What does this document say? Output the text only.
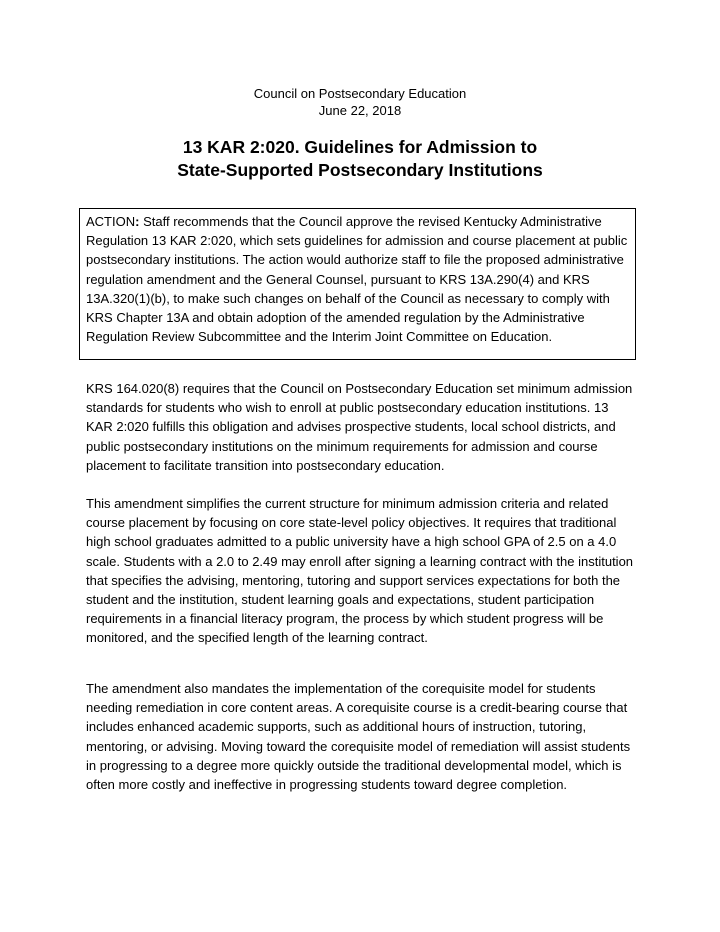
Council on Postsecondary Education
June 22, 2018
13 KAR 2:020. Guidelines for Admission to
State-Supported Postsecondary Institutions
ACTION: Staff recommends that the Council approve the revised Kentucky Administrative Regulation 13 KAR 2:020, which sets guidelines for admission and course placement at public postsecondary institutions. The action would authorize staff to file the proposed administrative regulation amendment and the General Counsel, pursuant to KRS 13A.290(4) and KRS 13A.320(1)(b), to make such changes on behalf of the Council as necessary to comply with KRS Chapter 13A and obtain adoption of the amended regulation by the Administrative Regulation Review Subcommittee and the Interim Joint Committee on Education.

KRS 164.020(8) requires that the Council on Postsecondary Education set minimum admission standards for students who wish to enroll at public postsecondary education institutions. 13 KAR 2:020 fulfills this obligation and advises prospective students, local school districts, and public postsecondary institutions on the minimum requirements for admission and course placement to facilitate transition into postsecondary education.

This amendment simplifies the current structure for minimum admission criteria and related course placement by focusing on core state-level policy objectives. It requires that traditional high school graduates admitted to a public university have a high school GPA of 2.5 on a 4.0 scale. Students with a 2.0 to 2.49 may enroll after signing a learning contract with the institution that specifies the advising, mentoring, tutoring and support services expectations for both the student and the institution, student learning goals and expectations, student participation requirements in a financial literacy program, the process by which student progress will be monitored, and the specified length of the learning contract.

The amendment also mandates the implementation of the corequisite model for students needing remediation in core content areas. A corequisite course is a credit-bearing course that includes enhanced academic supports, such as additional hours of instruction, tutoring, mentoring, or advising. Moving toward the corequisite model of remediation will assist students in progressing to a degree more quickly outside the traditional developmental model, which is often more costly and ineffective in progressing students toward degree completion.
